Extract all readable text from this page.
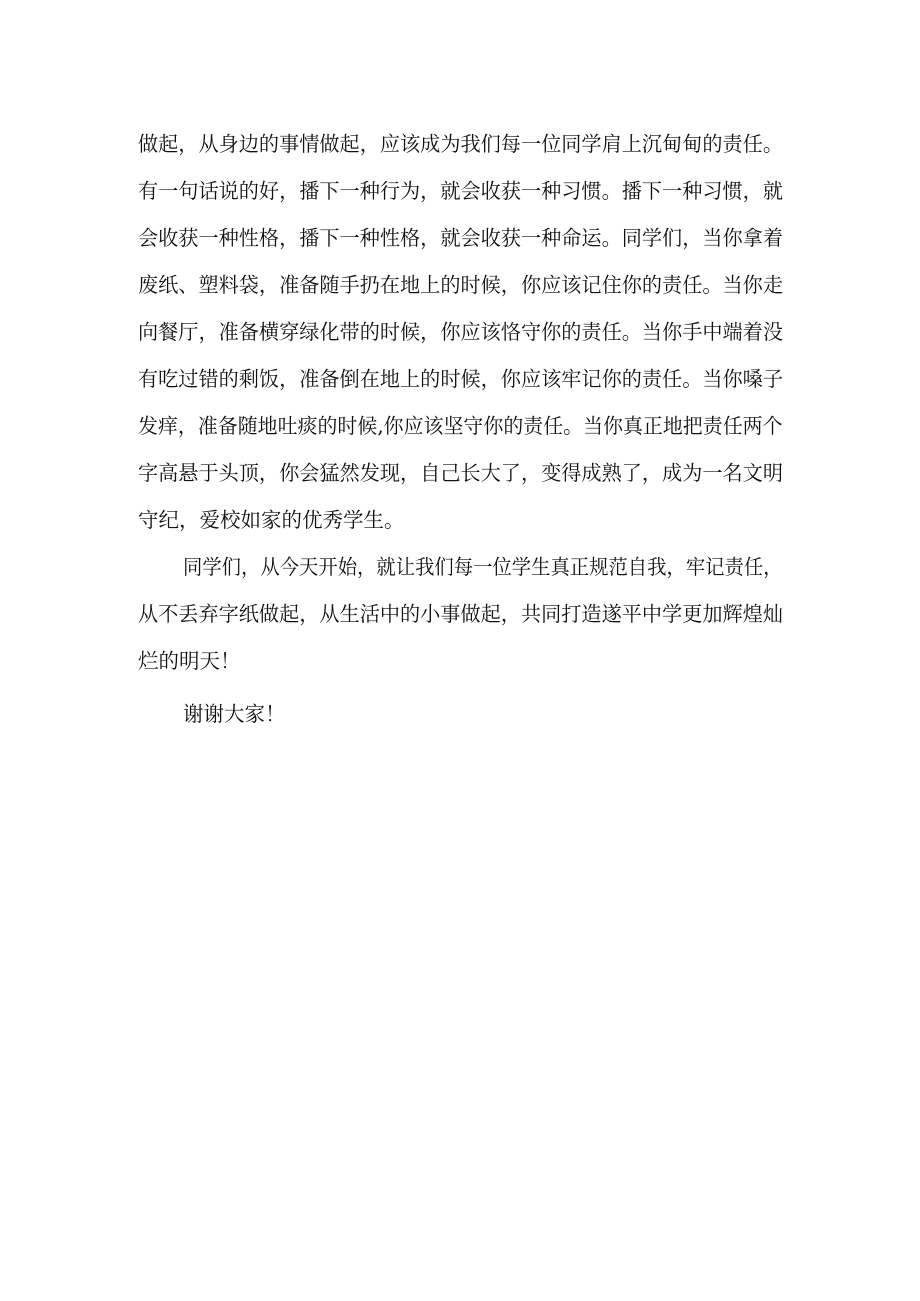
做起，从身边的事情做起，应该成为我们每一位同学肩上沉甸甸的责任。
有一句话说的好，播下一种行为，就会收获一种习惯。播下一种习惯，就
会收获一种性格，播下一种性格，就会收获一种命运。同学们，当你拿着
废纸、塑料袋，准备随手扔在地上的时候，你应该记住你的责任。当你走
向餐厅，准备横穿绿化带的时候，你应该恪守你的责任。当你手中端着没
有吃过错的剩饭，准备倒在地上的时候，你应该牢记你的责任。当你嗓子
发痒，准备随地吐痰的时候,你应该坚守你的责任。当你真正地把责任两个
字高悬于头顶，你会猛然发现，自己长大了，变得成熟了，成为一名文明
守纪，爱校如家的优秀学生。
同学们，从今天开始，就让我们每一位学生真正规范自我，牢记责任，
从不丢弃字纸做起，从生活中的小事做起，共同打造遂平中学更加辉煌灿
烂的明天！
谢谢大家！
